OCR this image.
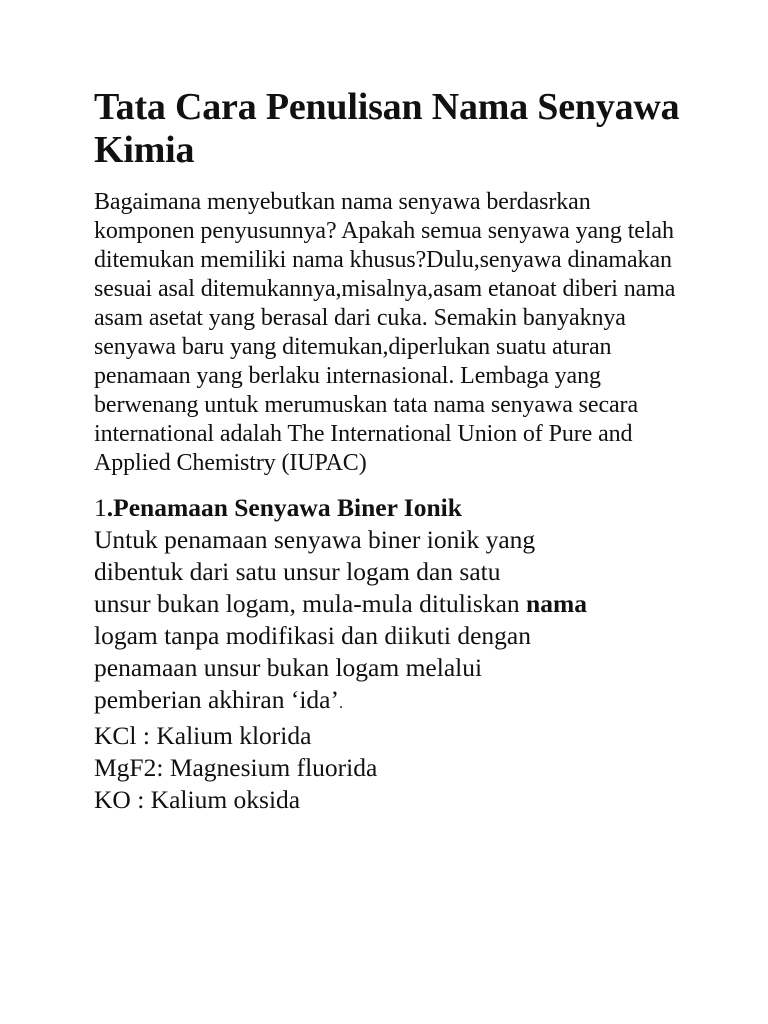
Tata Cara Penulisan Nama Senyawa Kimia

Bagaimana menyebutkan nama senyawa berdasrkan komponen penyusunnya? Apakah semua senyawa yang telah ditemukan memiliki nama khusus?Dulu,senyawa dinamakan sesuai asal ditemukannya,misalnya,asam etanoat diberi nama asam asetat yang berasal dari cuka. Semakin banyaknya senyawa baru yang ditemukan,diperlukan suatu aturan penamaan yang berlaku internasional. Lembaga yang berwenang untuk merumuskan tata nama senyawa secara international adalah The International Union of Pure and Applied Chemistry (IUPAC)

1.Penamaan Senyawa Biner Ionik
Untuk penamaan senyawa biner ionik yang
dibentuk dari satu unsur logam dan satu
unsur bukan logam, mula-mula dituliskan nama
logam tanpa modifikasi dan diikuti dengan
penamaan unsur bukan logam melalui
pemberian akhiran ‘ida’.
KCl : Kalium klorida
MgF2: Magnesium fluorida
KO : Kalium oksida
